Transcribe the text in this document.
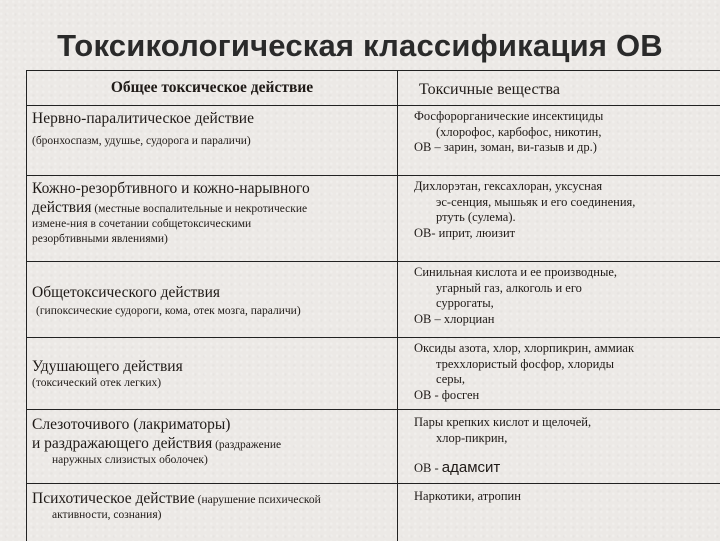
Токсикологическая классификация ОВ
Общее токсическое действие	Токсичные вещества
Нервно-паралитическое действие
(бронхоспазм, удушье, судорога и параличи)
Фосфорорганические инсектициды
(хлорофос, карбофос, никотин,
ОВ – зарин, зоман, ви-газыв и др.)
Кожно-резорбтивного и кожно-нарывного
действия (местные воспалительные и некротические
измене-ния в сочетании собщетоксическими
резорбтивными явлениями)
Дихлорэтан, гексахлоран, уксусная
эс-сенция, мышьяк и его соединения,
ртуть (сулема).
ОВ- иприт, люизит
Общетоксического действия
(гипоксические судороги, кома, отек мозга, параличи)
Синильная кислота и ее производные,
угарный газ, алкоголь и его
суррогаты,
ОВ – хлорциан
Удушающего действия
(токсический отек легких)
Оксиды азота, хлор, хлорпикрин, аммиак
треххлористый фосфор, хлориды
серы,
ОВ - фосген
Слезоточивого (лакриматоры)
и раздражающего действия (раздражение
наружных слизистых оболочек)
Пары крепких кислот и щелочей,
хлор-пикрин,
ОВ - адамсит
Психотическое действие (нарушение психической
активности, сознания)
Наркотики, атропин
